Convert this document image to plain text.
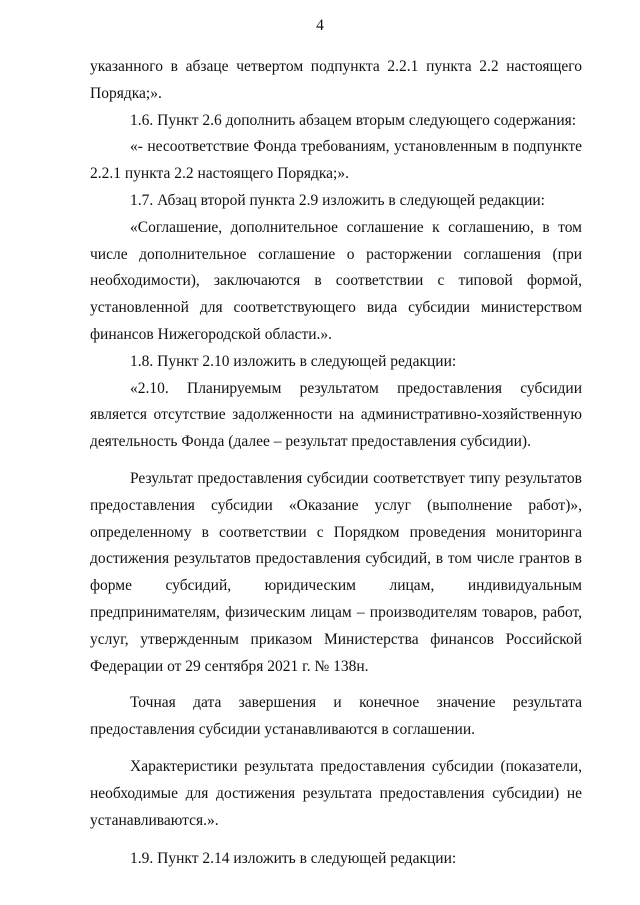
4

указанного в абзаце четвертом подпункта 2.2.1 пункта 2.2 настоящего Порядка;».

1.6. Пункт 2.6 дополнить абзацем вторым следующего содержания:

«- несоответствие Фонда требованиям, установленным в подпункте 2.2.1 пункта 2.2 настоящего Порядка;».

1.7. Абзац второй пункта 2.9 изложить в следующей редакции:

«Соглашение, дополнительное соглашение к соглашению, в том числе дополнительное соглашение о расторжении соглашения (при необходимости), заключаются в соответствии с типовой формой, установленной для соответствующего вида субсидии министерством финансов Нижегородской области.».

1.8. Пункт 2.10 изложить в следующей редакции:

«2.10. Планируемым результатом предоставления субсидии является отсутствие задолженности на административно-хозяйственную деятельность Фонда (далее – результат предоставления субсидии).

Результат предоставления субсидии соответствует типу результатов предоставления субсидии «Оказание услуг (выполнение работ)», определенному в соответствии с Порядком проведения мониторинга достижения результатов предоставления субсидий, в том числе грантов в форме субсидий, юридическим лицам, индивидуальным предпринимателям, физическим лицам – производителям товаров, работ, услуг, утвержденным приказом Министерства финансов Российской Федерации от 29 сентября 2021 г. № 138н.

Точная дата завершения и конечное значение результата предоставления субсидии устанавливаются в соглашении.

Характеристики результата предоставления субсидии (показатели, необходимые для достижения результата предоставления субсидии) не устанавливаются.».

1.9. Пункт 2.14 изложить в следующей редакции:
